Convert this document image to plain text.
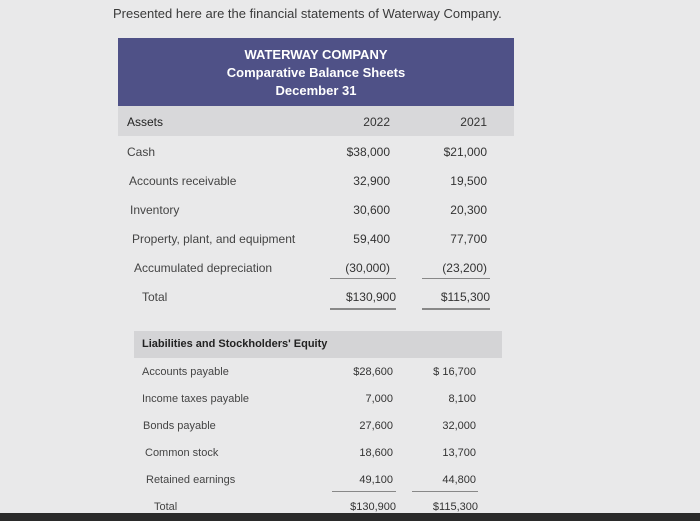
Presented here are the financial statements of Waterway Company.
WATERWAY COMPANY
Comparative Balance Sheets
December 31
Assets	2022	2021
Cash	$38,000	$21,000
Accounts receivable	32,900	19,500
Inventory	30,600	20,300
Property, plant, and equipment	59,400	77,700
Accumulated depreciation	(30,000)	(23,200)
Total	$130,900	$115,300
Liabilities and Stockholders' Equity
Accounts payable	$28,600	$ 16,700
Income taxes payable	7,000	8,100
Bonds payable	27,600	32,000
Common stock	18,600	13,700
Retained earnings	49,100	44,800
Total	$130,900	$115,300
